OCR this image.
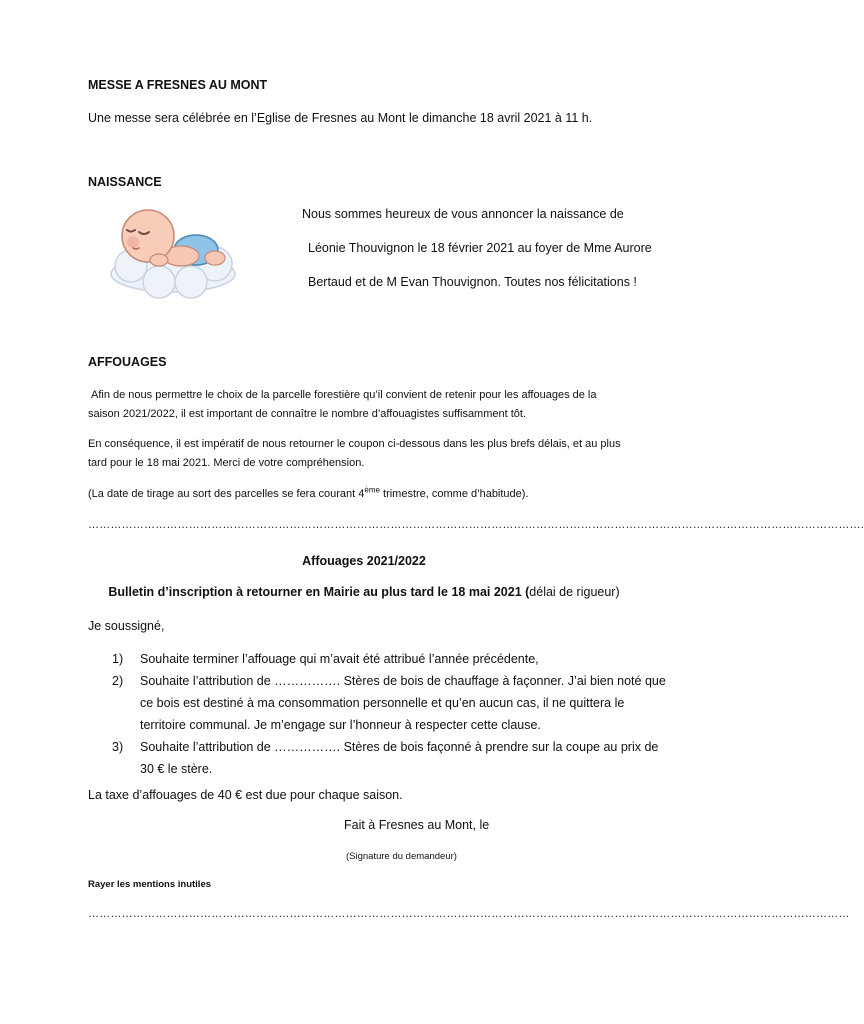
MESSE A FRESNES AU MONT
Une messe sera célébrée en l’Eglise de Fresnes au Mont le dimanche 18 avril 2021 à 11 h.
NAISSANCE
Nous sommes heureux de vous annoncer la naissance de
Léonie Thouvignon le 18 février 2021 au foyer de Mme Aurore
Bertaud et de M Evan Thouvignon. Toutes nos félicitations !
AFFOUAGES
Afin de nous permettre le choix de la parcelle forestière qu’il convient de retenir pour les affouages de la
saison 2021/2022, il est important de connaître le nombre d’affouagistes suffisamment tôt.
En conséquence, il est impératif de nous retourner le coupon ci-dessous dans les plus brefs délais, et au plus
tard pour le 18 mai 2021. Merci de votre compréhension.
(La date de tirage au sort des parcelles se fera courant 4ème trimestre, comme d’habitude).
……………………………………………………………………………………………………………………………………………………………………………………….
Affouages 2021/2022
Bulletin d’inscription à retourner en Mairie au plus tard le 18 mai 2021 (délai de rigueur)
Je soussigné,
1)	Souhaite terminer l’affouage qui m’avait été attribué l’année précédente,
2)	Souhaite l’attribution de ……………. Stères de bois de chauffage à façonner. J’ai bien noté que
ce bois est destiné à ma consommation personnelle et qu’en aucun cas, il ne quittera le
territoire communal. Je m’engage sur l’honneur à respecter cette clause.
3)	Souhaite l’attribution de ……………. Stères de bois façonné à prendre sur la coupe au prix de
30 € le stère.
La taxe d’affouages de 40 € est due pour chaque saison.
Fait à Fresnes au Mont, le
(Signature du demandeur)
Rayer les mentions inutiles
……………………………………………………………………………………………………………………………………………………………………………………
